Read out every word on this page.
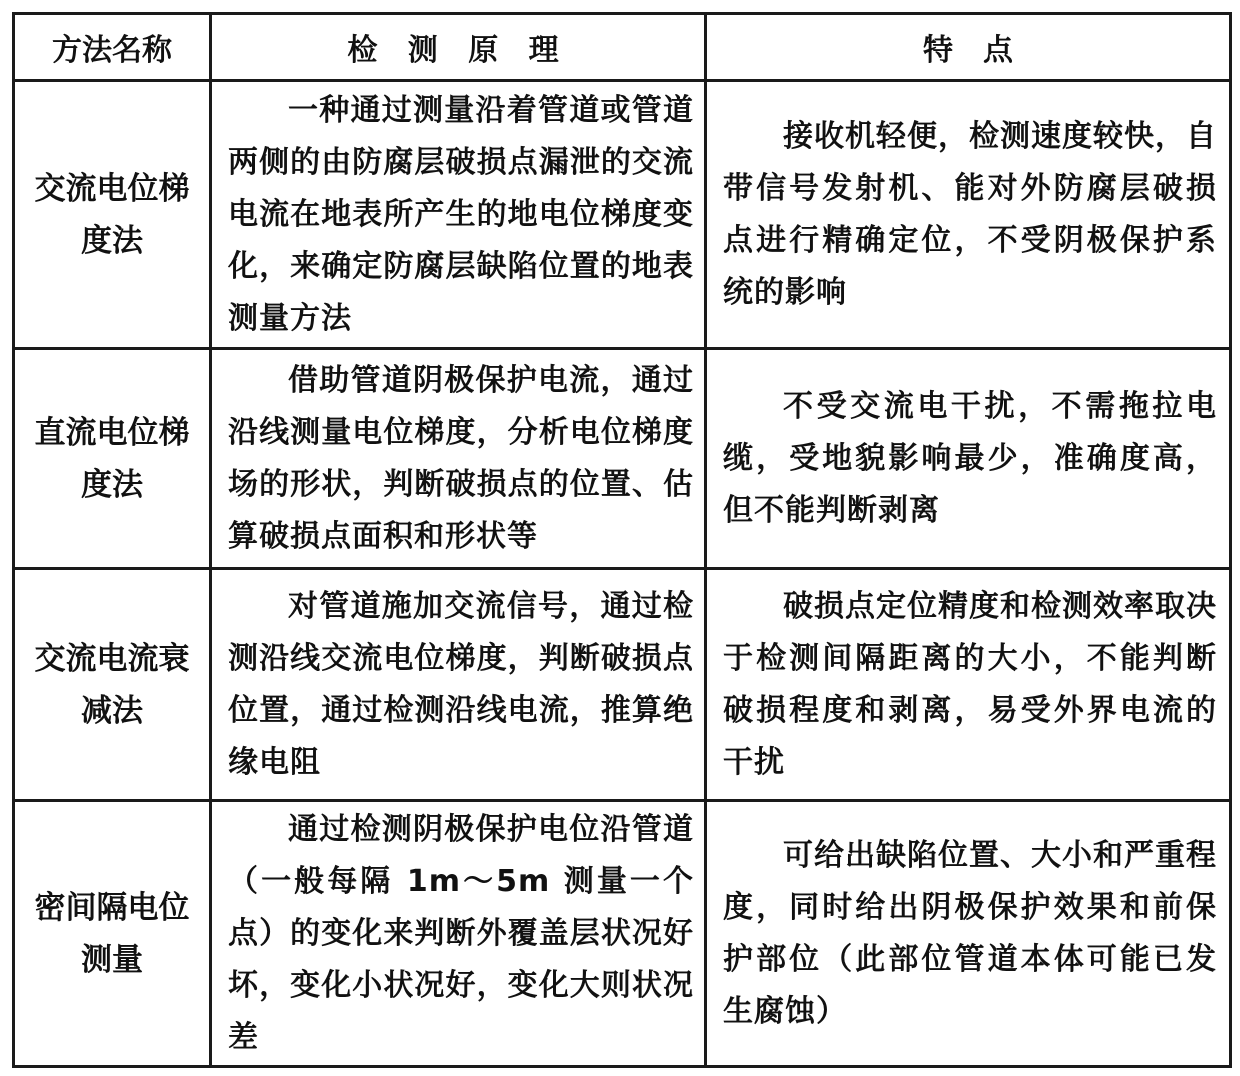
方法名称	检 测 原 理	特　点
交流电位梯度法	一种通过测量沿着管道或管道两侧的由防腐层破损点漏泄的交流电流在地表所产生的地电位梯度变化，来确定防腐层缺陷位置的地表测量方法	接收机轻便，检测速度较快，自带信号发射机、能对外防腐层破损点进行精确定位，不受阴极保护系统的影响
直流电位梯度法	借助管道阴极保护电流，通过沿线测量电位梯度，分析电位梯度场的形状，判断破损点的位置、估算破损点面积和形状等	不受交流电干扰，不需拖拉电缆，受地貌影响最少，准确度高，但不能判断剥离
交流电流衰减法	对管道施加交流信号，通过检测沿线交流电位梯度，判断破损点位置，通过检测沿线电流，推算绝缘电阻	破损点定位精度和检测效率取决于检测间隔距离的大小，不能判断破损程度和剥离，易受外界电流的干扰
密间隔电位测量	通过检测阴极保护电位沿管道（一般每隔 1m～5m 测量一个点）的变化来判断外覆盖层状况好坏，变化小状况好，变化大则状况差	可给出缺陷位置、大小和严重程度，同时给出阴极保护效果和前保护部位（此部位管道本体可能已发生腐蚀）
